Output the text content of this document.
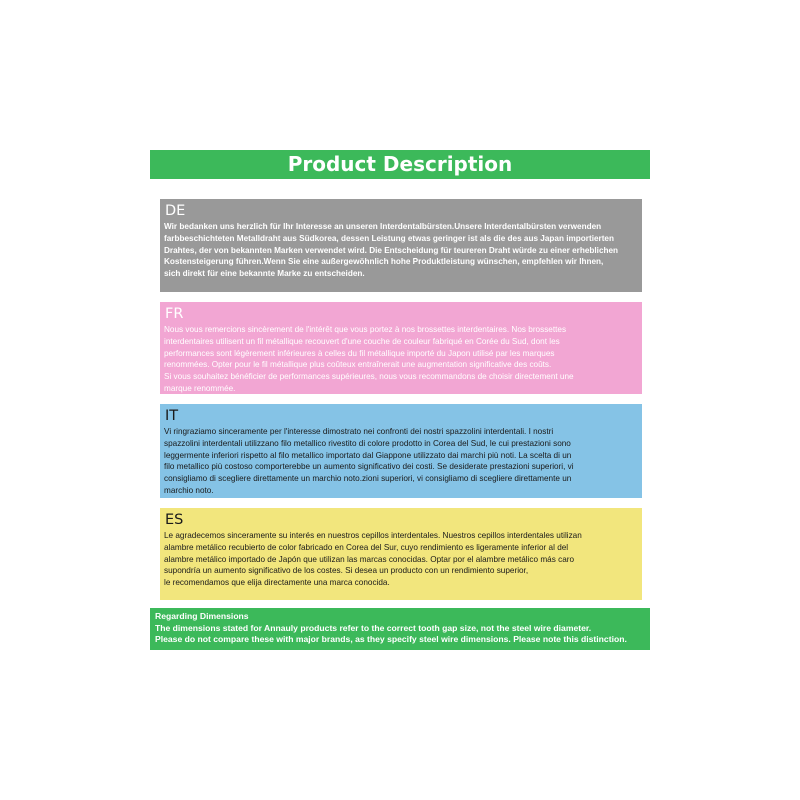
Product Description
DE
Wir bedanken uns herzlich für Ihr Interesse an unseren Interdentalbürsten.Unsere Interdentalbürsten verwenden
farbbeschichteten Metalldraht aus Südkorea, dessen Leistung etwas geringer ist als die des aus Japan importierten
Drahtes, der von bekannten Marken verwendet wird. Die Entscheidung für teureren Draht würde zu einer erheblichen
Kostensteigerung führen.Wenn Sie eine außergewöhnlich hohe Produktleistung wünschen, empfehlen wir Ihnen,
sich direkt für eine bekannte Marke zu entscheiden.
FR
Nous vous remercions sincèrement de l'intérêt que vous portez à nos brossettes interdentaires. Nos brossettes
interdentaires utilisent un fil métallique recouvert d'une couche de couleur fabriqué en Corée du Sud, dont les
performances sont légèrement inférieures à celles du fil métallique importé du Japon utilisé par les marques
renommées. Opter pour le fil métallique plus coûteux entraînerait une augmentation significative des coûts.
Si vous souhaitez bénéficier de performances supérieures, nous vous recommandons de choisir directement une
marque renommée.
IT
Vi ringraziamo sinceramente per l'interesse dimostrato nei confronti dei nostri spazzolini interdentali. I nostri
spazzolini interdentali utilizzano filo metallico rivestito di colore prodotto in Corea del Sud, le cui prestazioni sono
leggermente inferiori rispetto al filo metallico importato dal Giappone utilizzato dai marchi più noti. La scelta di un
filo metallico più costoso comporterebbe un aumento significativo dei costi. Se desiderate prestazioni superiori, vi
consigliamo di scegliere direttamente un marchio noto.zioni superiori, vi consigliamo di scegliere direttamente un
marchio noto.
ES
Le agradecemos sinceramente su interés en nuestros cepillos interdentales. Nuestros cepillos interdentales utilizan
alambre metálico recubierto de color fabricado en Corea del Sur, cuyo rendimiento es ligeramente inferior al del
alambre metálico importado de Japón que utilizan las marcas conocidas. Optar por el alambre metálico más caro
supondría un aumento significativo de los costes. Si desea un producto con un rendimiento superior,
le recomendamos que elija directamente una marca conocida.
Regarding Dimensions
The dimensions stated for Annauly products refer to the correct tooth gap size, not the steel wire diameter.
Please do not compare these with major brands, as they specify steel wire dimensions. Please note this distinction.
